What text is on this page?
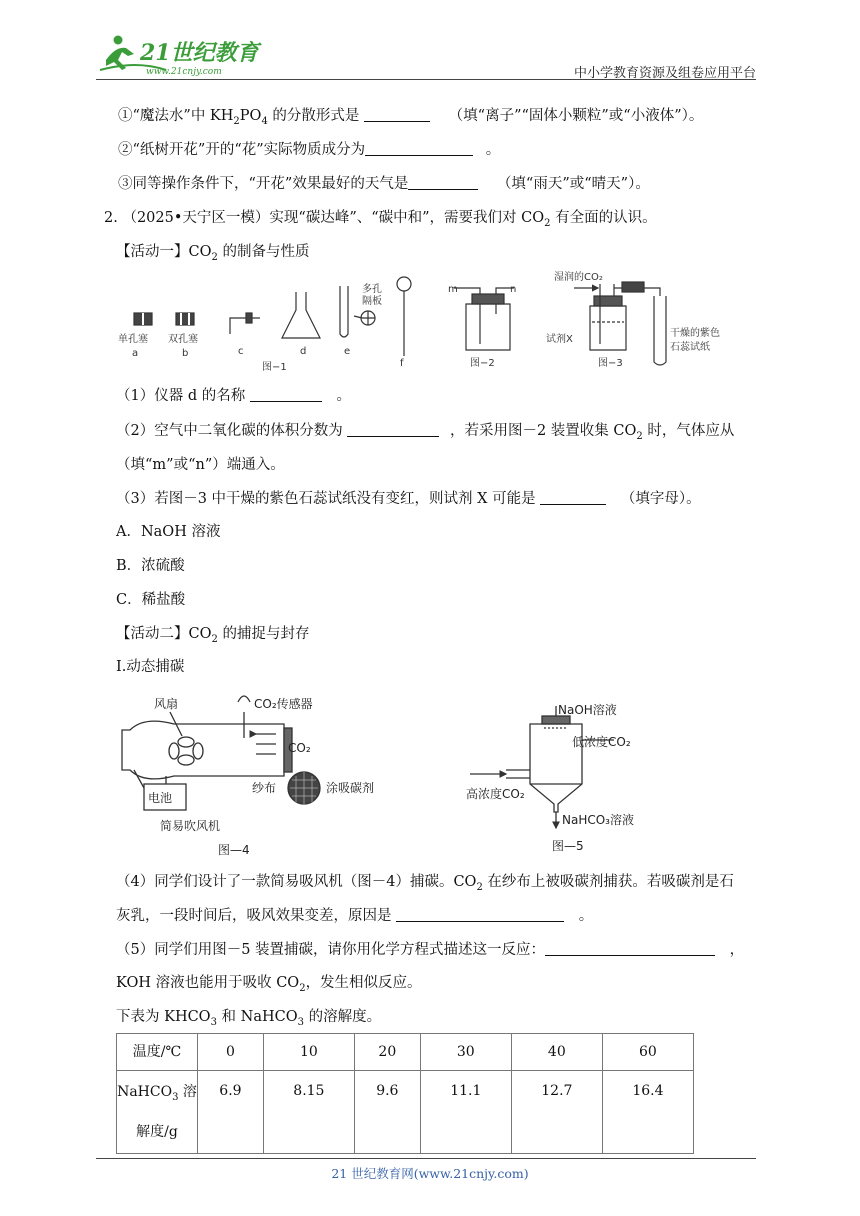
21世纪教育
www.21cnjy.com	中小学教育资源及组卷应用平台
①“魔法水”中 $KH_2PO_4$ 的分散形式是	（填“离子”“固体小颗粒”或“小液体”）。
②“纸树开花”开的“花”实际物质成分为	。
③同等操作条件下，“开花”效果最好的天气是	（填“雨天”或“晴天”）。
2. （2025•天宁区一模）实现“碳达峰”、“碳中和”，需要我们对 $CO_2$ 有全面的认识。
【活动一】$CO_2$ 的制备与性质
单孔塞 双孔塞
a	b	c	d	e
f
多孔
隔板
图−1
m	n
图−2
湿润的CO₂
试剂X
干燥的紫色
石蕊试纸
图−3
（1）仪器 d 的名称	。
（2）空气中二氧化碳的体积分数为	，若采用图－2 装置收集 $CO_2$ 时，气体应从
（填“m”或“n”）端通入。
（3）若图－3 中干燥的紫色石蕊试纸没有变红，则试剂 X 可能是	（填字母）。
A．NaOH 溶液
B．浓硫酸
C．稀盐酸
【活动二】$CO_2$ 的捕捉与封存
Ⅰ.动态捕碳
风扇	CO₂传感器
CO₂
电池
纱布	涂吸碳剂
简易吹风机
图—4
NaOH溶液
低浓度CO₂
高浓度CO₂
NaHCO₃溶液
图—5
（4）同学们设计了一款简易吸风机（图－4）捕碳。$CO_2$ 在纱布上被吸碳剂捕获。若吸碳剂是石
灰乳，一段时间后，吸风效果变差，原因是	。
（5）同学们用图－5 装置捕碳，请你用化学方程式描述这一反应：	，
KOH 溶液也能用于吸收 $CO_2$，发生相似反应。
下表为 $KHCO_3$ 和 NaHCO$_3$ 的溶解度。
温度/℃	0	10	20	30	40	60
NaHCO$_3$ 溶
解度/g	6.9	8.15	9.6	11.1	12.7	16.4
21 世纪教育网(www.21cnjy.com)
